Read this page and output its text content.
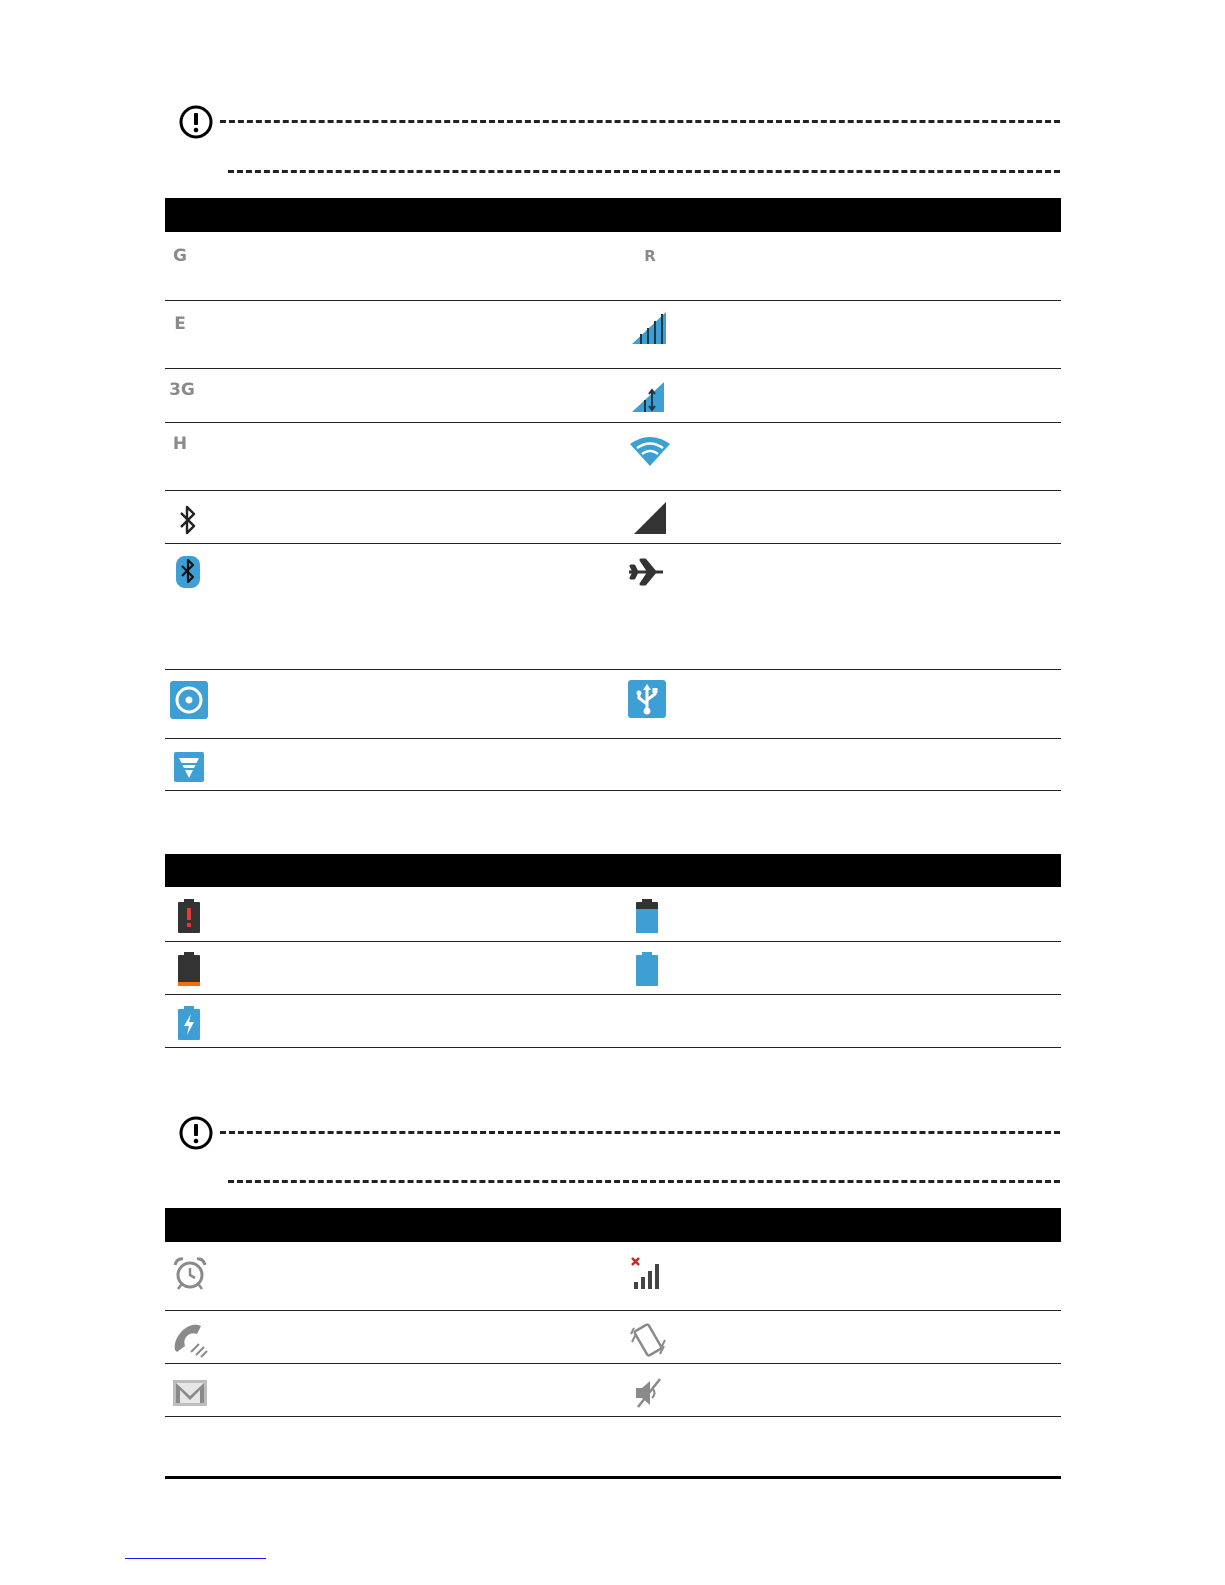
G	R
E
3G
H
